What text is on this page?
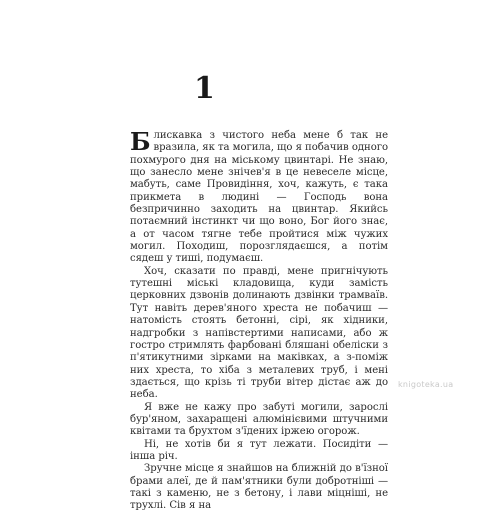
1

Блискавка з чистого неба мене б так не вразила, як та могила, що я побачив одного похмурого дня на міському цвинтарі. Не знаю, що занесло мене знічев'я в це невеселе місце, мабуть, саме Провидіння, хоч, кажуть, є така прикмета в людині — Господь вона безпричинно заходить на цвинтар. Якийсь потаємний інстинкт чи що воно, Бог його знає, а от часом тягне тебе пройтися між чужих могил. Походиш, порозглядаєшся, а потім сядеш у тиші, подумаєш.

Хоч, сказати по правді, мене пригнічують тутешні міські кладовища, куди замість церковних дзвонів долинають дзвінки трамваїв. Тут навіть дерев'яного хреста не побачиш — натомість стоять бетонні, сірі, як хідники, надгробки з напівстертими написами, або ж гостро стримлять фарбовані бляшані обеліски з п'ятикутними зірками на маківках, а з-поміж них хреста, то хіба з металевих труб, і мені здається, що крізь ті труби вітер дістає аж до неба.

Я вже не кажу про забуті могили, зарослі бур'яном, захаращені алюмінієвими штучними квітами та брухтом з'їдених іржею огорож.

Ні, не хотів би я тут лежати. Посидіти — інша річ.

Зручне місце я знайшов на ближній до в'їзної брами алеї, де й пам'ятники були добротніші — такі з каменю, не з бетону, і лави міцніші, не трухлі. Сів я на

knigoteka.ua
